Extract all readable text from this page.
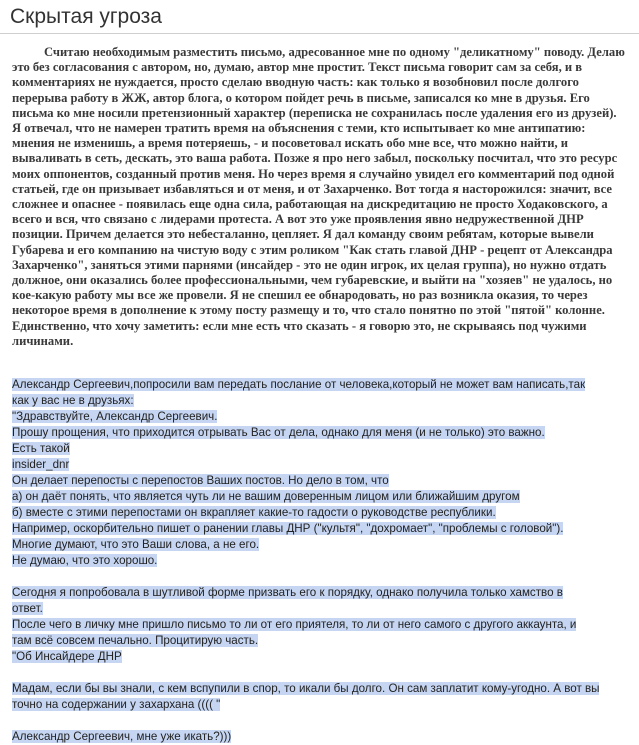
Скрытая угроза

Считаю необходимым разместить письмо, адресованное мне по одному "деликатному" поводу. Делаю это без согласования с автором, но, думаю, автор мне простит. Текст письма говорит сам за себя, и в комментариях не нуждается, просто сделаю вводную часть: как только я возобновил после долгого перерыва работу в ЖЖ, автор блога, о котором пойдет речь в письме, записался ко мне в друзья. Его письма ко мне носили претензионный характер (переписка не сохранилась после удаления его из друзей). Я отвечал, что не намерен тратить время на объяснения с теми, кто испытывает ко мне антипатию: мнения не изменишь, а время потеряешь, - и посоветовал искать обо мне все, что можно найти, и вываливать в сеть, дескать, это ваша работа. Позже я про него забыл, поскольку посчитал, что это ресурс моих оппонентов, созданный против меня. Но через время я случайно увидел его комментарий под одной статьей, где он призывает избавляться и от меня, и от Захарченко. Вот тогда я насторожился: значит, все сложнее и опаснее - появилась еще одна сила, работающая на дискредитацию не просто Ходаковского, а всего и вся, что связано с лидерами протеста. А вот это уже проявления явно недружественной ДНР позиции. Причем делается это небесталанно, цепляет. Я дал команду своим ребятам, которые вывели Губарева и его компанию на чистую воду с этим роликом "Как стать главой ДНР - рецепт от Александра Захарченко", заняться этими парнями (инсайдер - это не один игрок, их целая группа), но нужно отдать должное, они оказались более профессиональными, чем губаревские, и выйти на "хозяев" не удалось, но кое-какую работу мы все же провели. Я не спешил ее обнародовать, но раз возникла оказия, то через некоторое время в дополнение к этому посту размещу и то, что стало понятно по этой "пятой" колонне. Единственно, что хочу заметить: если мне есть что сказать - я говорю это, не скрываясь под чужими личинами.

Александр Сергеевич,попросили вам передать послание от человека,который не может вам написать,так
как у вас не в друзьях:
"Здравствуйте, Александр Сергеевич.
Прошу прощения, что приходится отрывать Вас от дела, однако для меня (и не только) это важно.
Есть такой
insider_dnr
Он делает перепосты с перепостов Ваших постов. Но дело в том, что
а) он даёт понять, что является чуть ли не вашим доверенным лицом или ближайшим другом
б) вместе с этими перепостами он вкрапляет какие-то гадости о руководстве республики.
Например, оскорбительно пишет о ранении главы ДНР ("культя", "дохромает", "проблемы с головой").
Многие думают, что это Ваши слова, а не его.
Не думаю, что это хорошо.
Сегодня я попробовала в шутливой форме призвать его к порядку, однако получила только хамство в
ответ.
После чего в личку мне пришло письмо то ли от его приятеля, то ли от него самого с другого аккаунта, и
там всё совсем печально. Процитирую часть.
"Об Инсайдере ДНР
Мадам, если бы вы знали, с кем вспупили в спор, то икали бы долго. Он сам заплатит кому-угодно. А вот вы
точно на содержании у захархана (((( "
Александр Сергеевич, мне уже икать?)))
